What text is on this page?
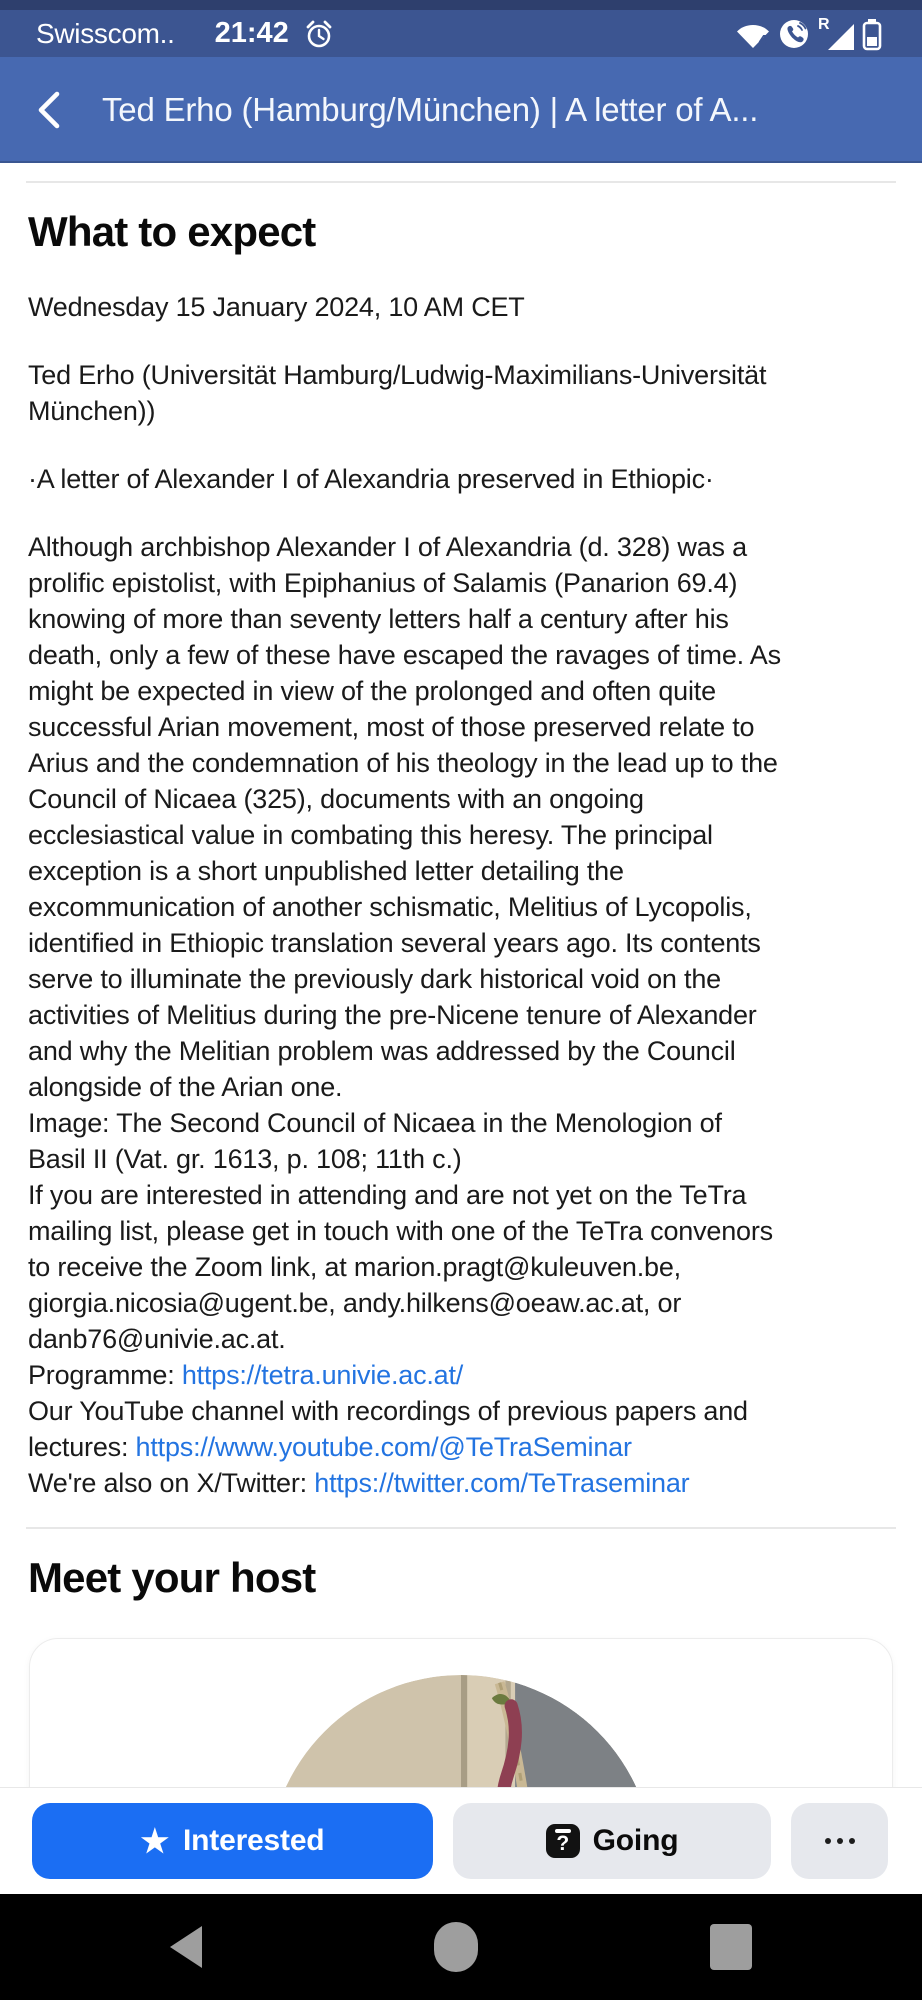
Swisscom.. 21:42	4
R
Ted Erho (Hamburg/München) | A letter of A...
What to expect
Wednesday 15 January 2024, 10 AM CET
Ted Erho (Universität Hamburg/Ludwig-Maximilians-Universität
München))
·A letter of Alexander I of Alexandria preserved in Ethiopic·
Although archbishop Alexander I of Alexandria (d. 328) was a
prolific epistolist, with Epiphanius of Salamis (Panarion 69.4)
knowing of more than seventy letters half a century after his
death, only a few of these have escaped the ravages of time. As
might be expected in view of the prolonged and often quite
successful Arian movement, most of those preserved relate to
Arius and the condemnation of his theology in the lead up to the
Council of Nicaea (325), documents with an ongoing
ecclesiastical value in combating this heresy. The principal
exception is a short unpublished letter detailing the
excommunication of another schismatic, Melitius of Lycopolis,
identified in Ethiopic translation several years ago. Its contents
serve to illuminate the previously dark historical void on the
activities of Melitius during the pre-Nicene tenure of Alexander
and why the Melitian problem was addressed by the Council
alongside of the Arian one.
Image: The Second Council of Nicaea in the Menologion of
Basil II (Vat. gr. 1613, p. 108; 11th c.)
If you are interested in attending and are not yet on the TeTra
mailing list, please get in touch with one of the TeTra convenors
to receive the Zoom link, at marion.pragt@kuleuven.be,
giorgia.nicosia@ugent.be, andy.hilkens@oeaw.ac.at, or
danb76@univie.ac.at.
Programme: https://tetra.univie.ac.at/
Our YouTube channel with recordings of previous papers and
lectures: https://www.youtube.com/@TeTraSeminar
We're also on X/Twitter: https://twitter.com/TeTraseminar
Meet your host
★ Interested	? Going
